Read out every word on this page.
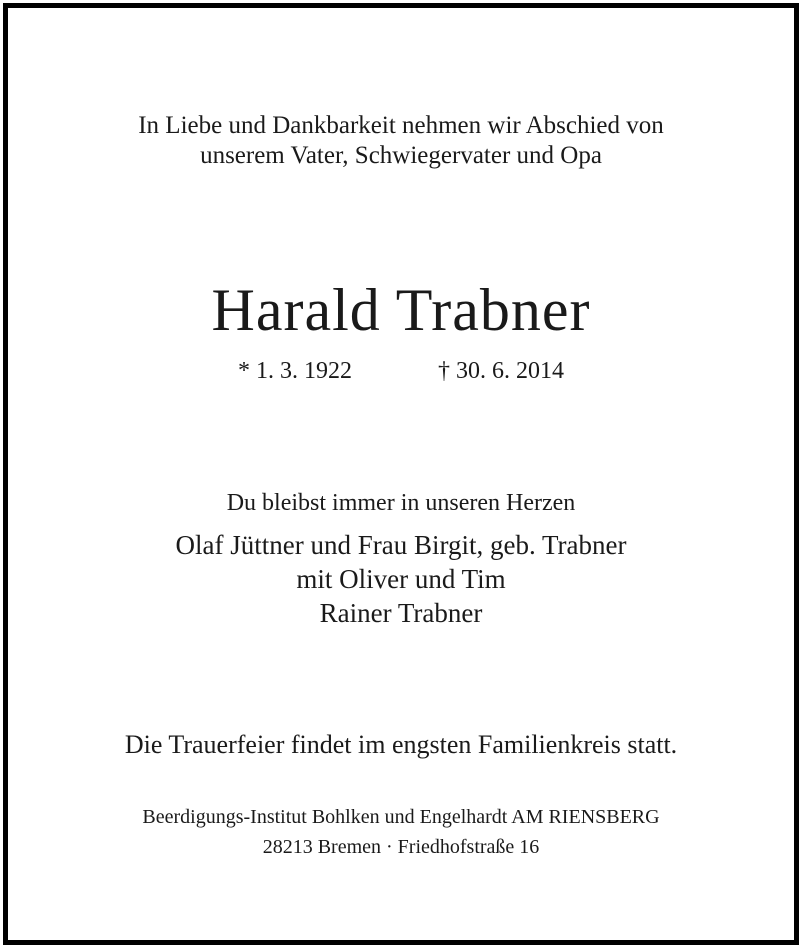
In Liebe und Dankbarkeit nehmen wir Abschied von
unserem Vater, Schwiegervater und Opa
Harald Trabner
* 1. 3. 1922	† 30. 6. 2014
Du bleibst immer in unseren Herzen
Olaf Jüttner und Frau Birgit, geb. Trabner
mit Oliver und Tim
Rainer Trabner
Die Trauerfeier findet im engsten Familienkreis statt.
Beerdigungs-Institut Bohlken und Engelhardt AM RIENSBERG
28213 Bremen · Friedhofstraße 16
